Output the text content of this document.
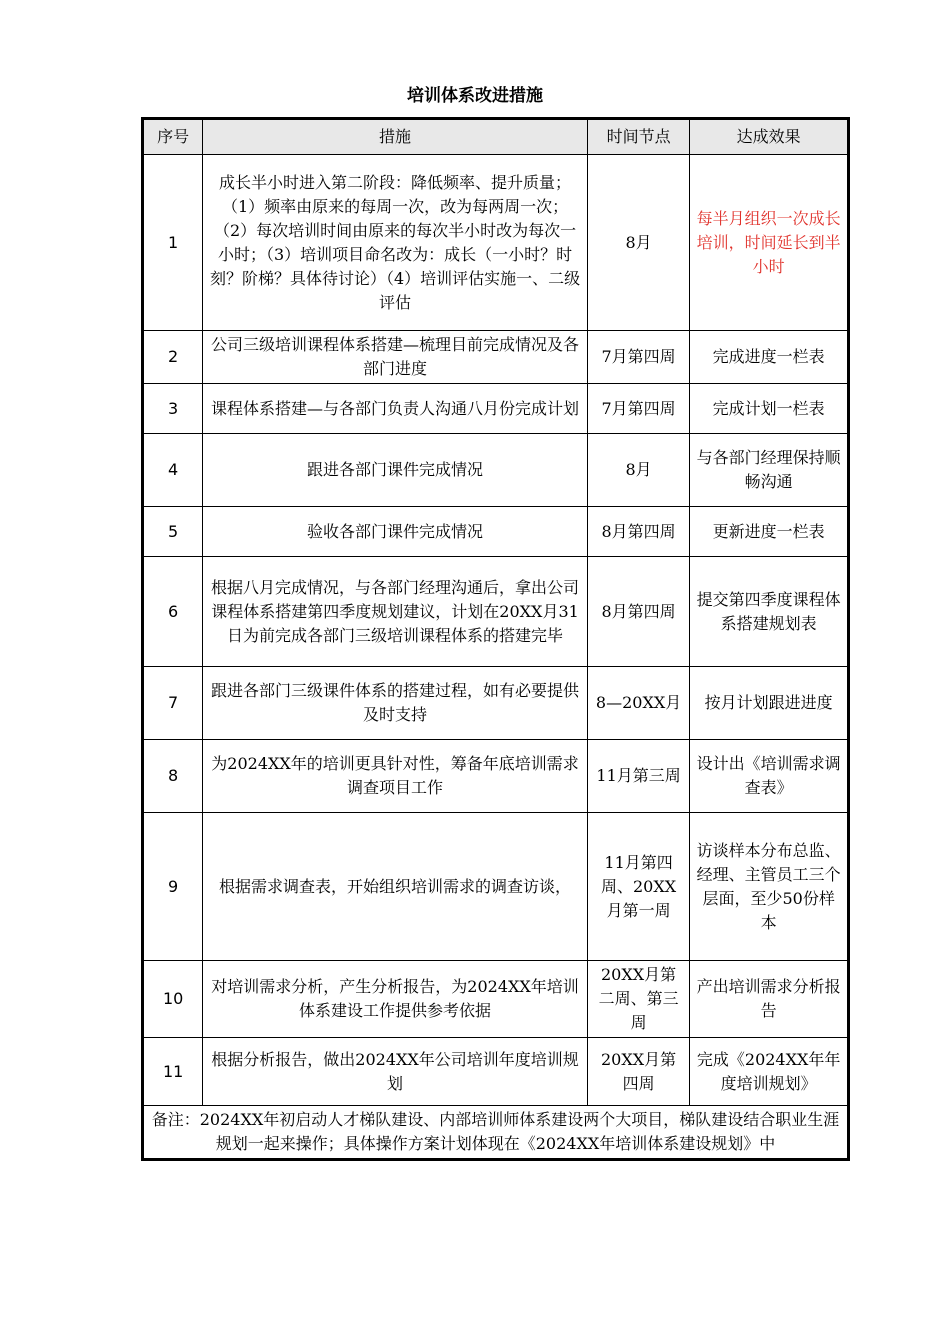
培训体系改进措施
序号	措施	时间节点	达成效果

1	成长半小时进入第二阶段：降低频率、提升质量；（1）频率由原来的每周一次，改为每两周一次；（2）每次培训时间由原来的每次半小时改为每次一小时；（3）培训项目命名改为：成长（一小时？时刻？阶梯？具体待讨论）（4）培训评估实施一、二级评估	8月	每半月组织一次成长培训，时间延长到半小时
2	公司三级培训课程体系搭建—梳理目前完成情况及各部门进度	7月第四周	完成进度一栏表
3	课程体系搭建—与各部门负责人沟通八月份完成计划	7月第四周	完成计划一栏表
4	跟进各部门课件完成情况	8月	与各部门经理保持顺畅沟通
5	验收各部门课件完成情况	8月第四周	更新进度一栏表
6	根据八月完成情况，与各部门经理沟通后，拿出公司课程体系搭建第四季度规划建议，计划在20XX月31日为前完成各部门三级培训课程体系的搭建完毕	8月第四周	提交第四季度课程体系搭建规划表
7	跟进各部门三级课件体系的搭建过程，如有必要提供及时支持	8—20XX月	按月计划跟进进度
8	为2024XX年的培训更具针对性，筹备年底培训需求调查项目工作	11月第三周	设计出《培训需求调查表》
9	根据需求调查表，开始组织培训需求的调查访谈，	11月第四周、20XX月第一周	访谈样本分布总监、经理、主管员工三个层面，至少50份样本
10	对培训需求分析，产生分析报告，为2024XX年培训体系建设工作提供参考依据	20XX月第二周、第三周	产出培训需求分析报告
11	根据分析报告，做出2024XX年公司培训年度培训规划	20XX月第四周	完成《2024XX年年度培训规划》
备注：2024XX年初启动人才梯队建设、内部培训师体系建设两个大项目，梯队建设结合职业生涯规划一起来操作；具体操作方案计划体现在《2024XX年培训体系建设规划》中			
